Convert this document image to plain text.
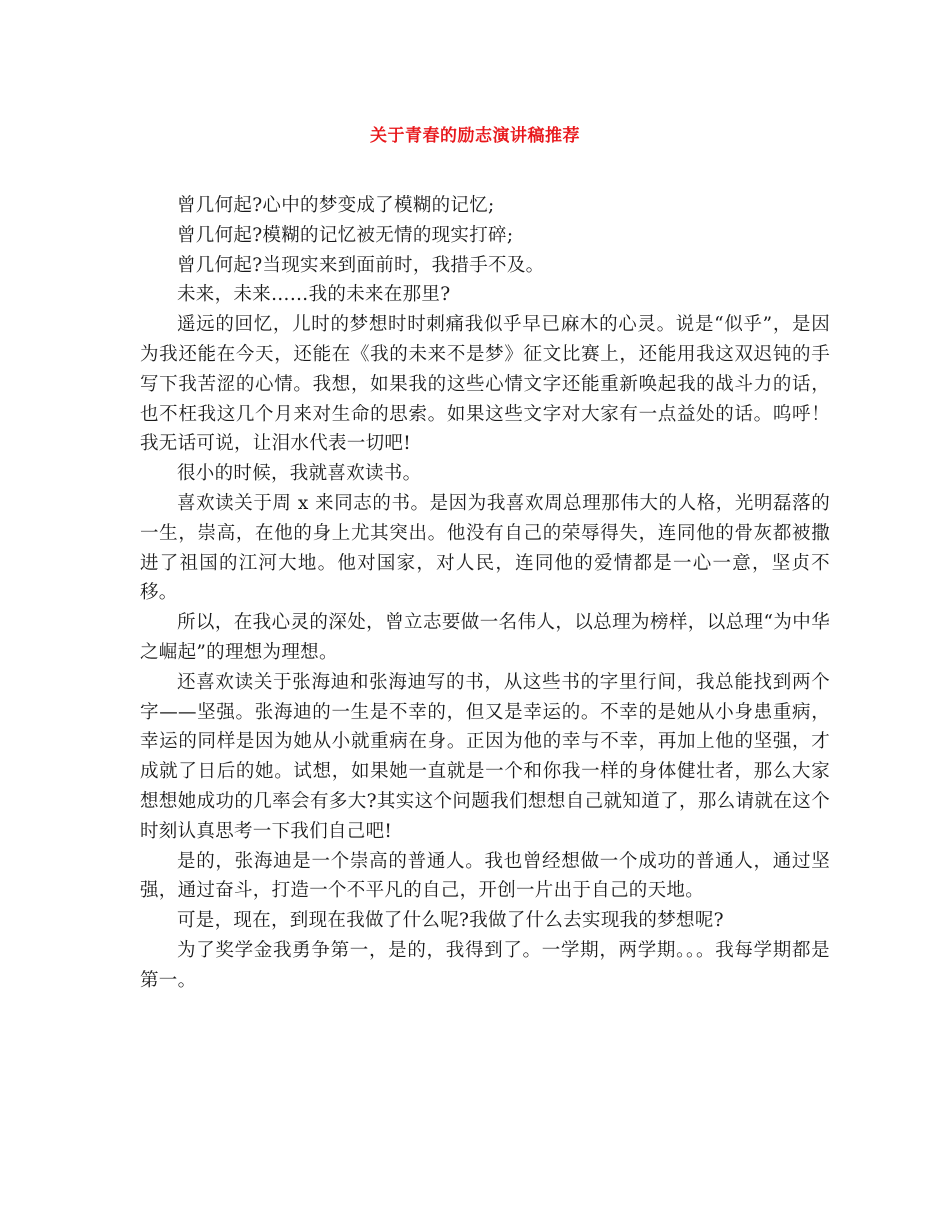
关于青春的励志演讲稿推荐

曾几何起?心中的梦变成了模糊的记忆;

曾几何起?模糊的记忆被无情的现实打碎;

曾几何起?当现实来到面前时，我措手不及。

未来，未来……我的未来在那里?

遥远的回忆，儿时的梦想时时刺痛我似乎早已麻木的心灵。说是“似乎”，是因为我还能在今天，还能在《我的未来不是梦》征文比赛上，还能用我这双迟钝的手写下我苦涩的心情。我想，如果我的这些心情文字还能重新唤起我的战斗力的话，也不枉我这几个月来对生命的思索。如果这些文字对大家有一点益处的话。呜呼！我无话可说，让泪水代表一切吧!

很小的时候，我就喜欢读书。

喜欢读关于周 x 来同志的书。是因为我喜欢周总理那伟大的人格，光明磊落的一生，崇高，在他的身上尤其突出。他没有自己的荣辱得失，连同他的骨灰都被撒进了祖国的江河大地。他对国家，对人民，连同他的爱情都是一心一意，坚贞不移。

所以，在我心灵的深处，曾立志要做一名伟人，以总理为榜样，以总理“为中华之崛起”的理想为理想。

还喜欢读关于张海迪和张海迪写的书，从这些书的字里行间，我总能找到两个字——坚强。张海迪的一生是不幸的，但又是幸运的。不幸的是她从小身患重病，幸运的同样是因为她从小就重病在身。正因为他的幸与不幸，再加上他的坚强，才成就了日后的她。试想，如果她一直就是一个和你我一样的身体健壮者，那么大家想想她成功的几率会有多大?其实这个问题我们想想自己就知道了，那么请就在这个时刻认真思考一下我们自己吧!

是的，张海迪是一个崇高的普通人。我也曾经想做一个成功的普通人，通过坚强，通过奋斗，打造一个不平凡的自己，开创一片出于自己的天地。

可是，现在，到现在我做了什么呢?我做了什么去实现我的梦想呢?

为了奖学金我勇争第一，是的，我得到了。一学期，两学期。。。我每学期都是第一。
